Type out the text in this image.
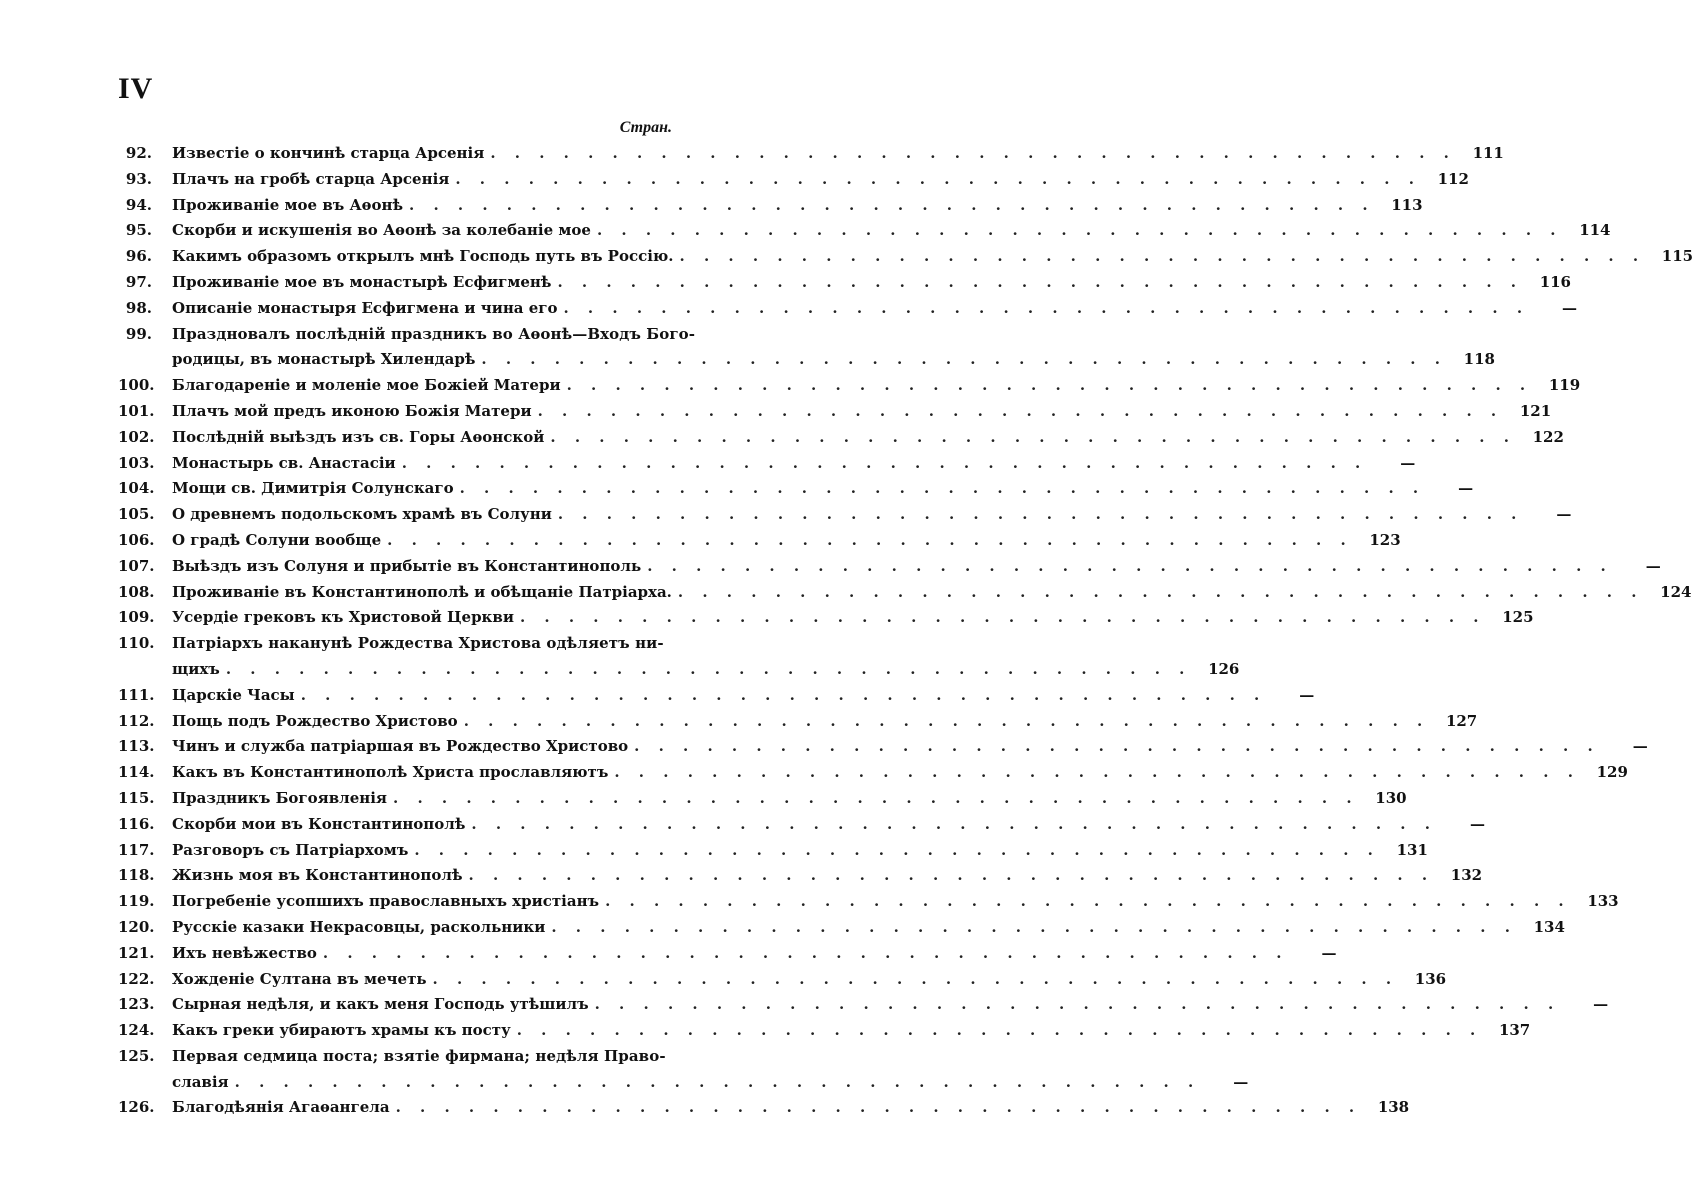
IV
Стран.
92. Известіе о кончинѣ старца Арсенія . . .	111
93. Плачъ на гробѣ старца Арсенія . . .	112
94. Проживаніе мое въ Аѳонѣ . . .	113
95. Скорби и искушенія во Аѳонѣ за колебаніе мое . . .	114
96. Какимъ образомъ открылъ мнѣ Господь путь въ Россію. . . .	115
97. Проживаніе мое въ монастырѣ Есфигменѣ . . .	116
98. Описаніе монастыря Есфигмена и чина его . . .	—
99. Праздновалъ послѣдній праздникъ во Аѳонѣ—Входъ Бого-
родицы, въ монастырѣ Хилендарѣ . . .	118
100. Благодареніе и моленіе мое Божіей Матери . . .	119
101. Плачъ мой предъ иконою Божія Матери . . .	121
102. Послѣдній выѣздъ изъ св. Горы Аѳонской . . .	122
103. Монастырь св. Анастасіи . . .	—
104. Мощи св. Димитрія Солунскаго . . .	—
105. О древнемъ подольскомъ храмѣ въ Солуни . . .	—
106. О градѣ Солуни вообще . . .	123
107. Выѣздъ изъ Солуня и прибытіе въ Константинополь . . .	—
108. Проживаніе въ Константинополѣ и обѣщаніе Патріарха. . . .	124
109. Усердіе грековъ къ Христовой Церкви . . .	125
110. Патріархъ наканунѣ Рождества Христова одѣляетъ ни-
щихъ . . .	126
111. Царскіе Часы . . .	—
112. Пощь подъ Рождество Христово . . .	127
113. Чинъ и служба патріаршая въ Рождество Христово . . .	—
114. Какъ въ Константинополѣ Христа прославляютъ . . .	129
115. Праздникъ Богоявленія . . .	130
116. Скорби мои въ Константинополѣ . . .	—
117. Разговоръ съ Патріархомъ . . .	131
118. Жизнь моя въ Константинополѣ . . .	132
119. Погребеніе усопшихъ православныхъ христіанъ . . .	133
120. Русскіе казаки Некрасовцы, раскольники . . .	134
121. Ихъ невѣжество . . .	—
122. Хожденіе Султана въ мечеть . . .	136
123. Сырная недѣля, и какъ меня Господь утѣшилъ . . .	—
124. Какъ греки убираютъ храмы къ посту . . .	137
125. Первая седмица поста; взятіе фирмана; недѣля Право-
славія . . .	—
126. Благодѣянія Агаѳангела . . .	138
